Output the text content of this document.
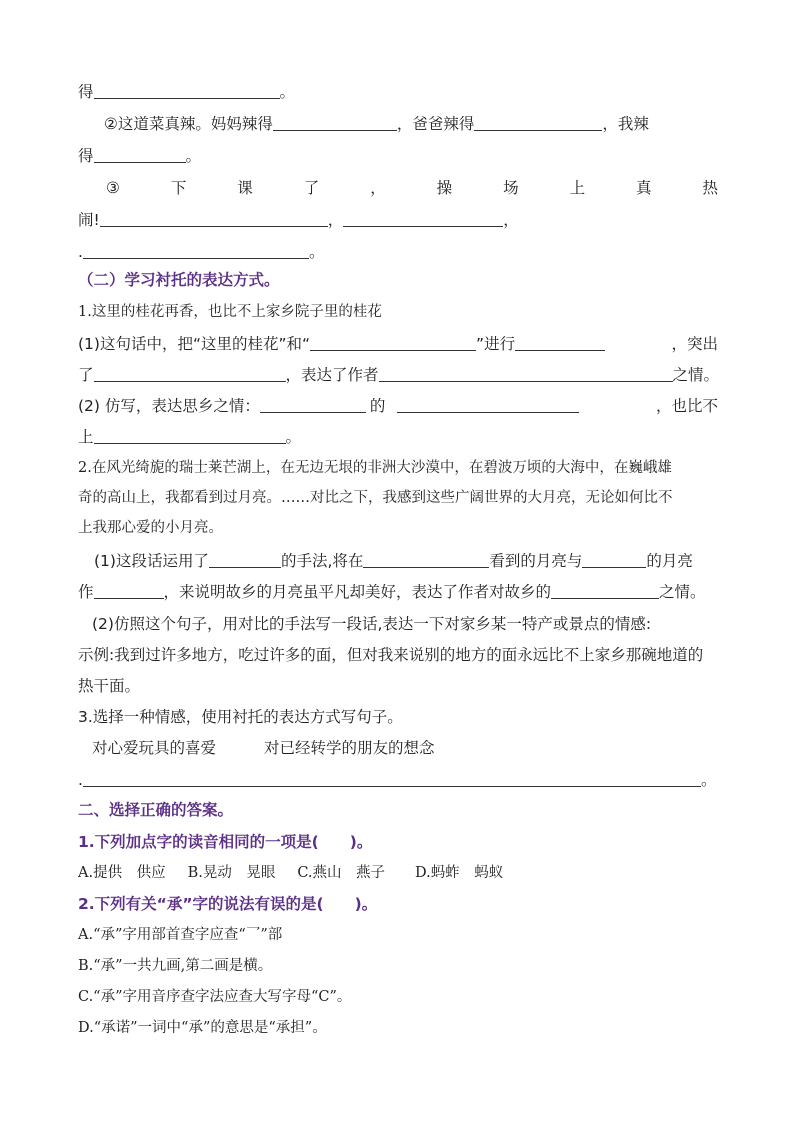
得	。
②这道菜真辣。妈妈辣得	，爸爸辣得	，我辣
得	。
③	下	课	了	，	操	场	上	真	热
闹!	，	，
.	。
（二）学习衬托的表达方式。
1.这里的桂花再香，也比不上家乡院子里的桂花
(1)这句话中，把“这里的桂花”和“	”进行	，突出
了	，表达了作者	之情。
(2) 仿写，表达思乡之情：	的	，也比不
上	。
2.在风光绮旎的瑞士莱芒湖上，在无边无垠的非洲大沙漠中，在碧波万顷的大海中，在巍峨雄
奇的高山上，我都看到过月亮。……对比之下，我感到这些广阔世界的大月亮，无论如何比不
上我那心爱的小月亮。
(1)这段话运用了	的手法,将在	看到的月亮与	的月亮
作	，来说明故乡的月亮虽平凡却美好，表达了作者对故乡的	之情。
(2)仿照这个句子，用对比的手法写一段话,表达一下对家乡某一特产或景点的情感:
示例:我到过许多地方，吃过许多的面，但对我来说别的地方的面永远比不上家乡那碗地道的
热干面。
3.选择一种情感，使用衬托的表达方式写句子。
对心爱玩具的喜爱	对已经转学的朋友的想念
.	。
二、选择正确的答案。
1.下列加点字的读音相同的一项是(　　)。
A.提供　供应 B.晃动　晃眼 C.燕山　燕子 D.蚂蚱　蚂蚁
2.下列有关“承”字的说法有误的是(　　)。
A.“承”字用部首查字应查“乛”部
B.“承”一共九画,第二画是横。
C.“承”字用音序查字法应查大写字母“C”。
D.“承诺”一词中“承”的意思是“承担”。
